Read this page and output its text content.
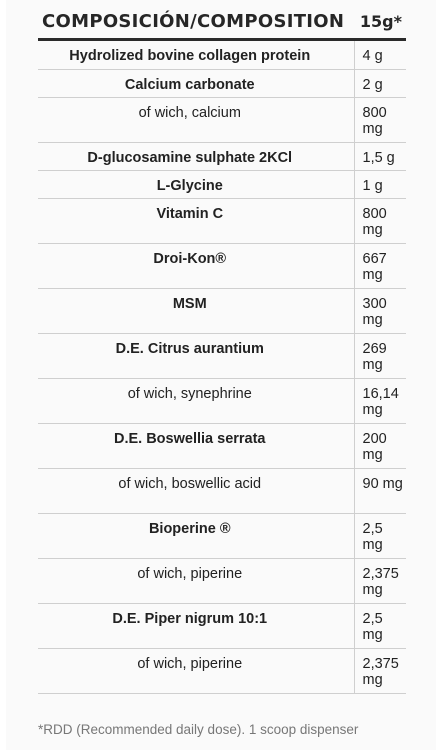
COMPOSICIÓN/COMPOSITION 15g*
Hydrolized bovine collagen protein	4 g
Calcium carbonate	2 g
of wich, calcium	800 mg
D-glucosamine sulphate 2KCl	1,5 g
L-Glycine	1 g
Vitamin C	800 mg
Droi-Kon®	667 mg
MSM	300 mg
D.E. Citrus aurantium	269 mg
of wich, synephrine	16,14 mg
D.E. Boswellia serrata	200 mg
of wich, boswellic acid	90 mg
Bioperine ®	2,5 mg
of wich, piperine	2,375 mg
D.E. Piper nigrum 10:1	2,5 mg
of wich, piperine	2,375 mg
*RDD (Recommended daily dose). 1 scoop dispenser
